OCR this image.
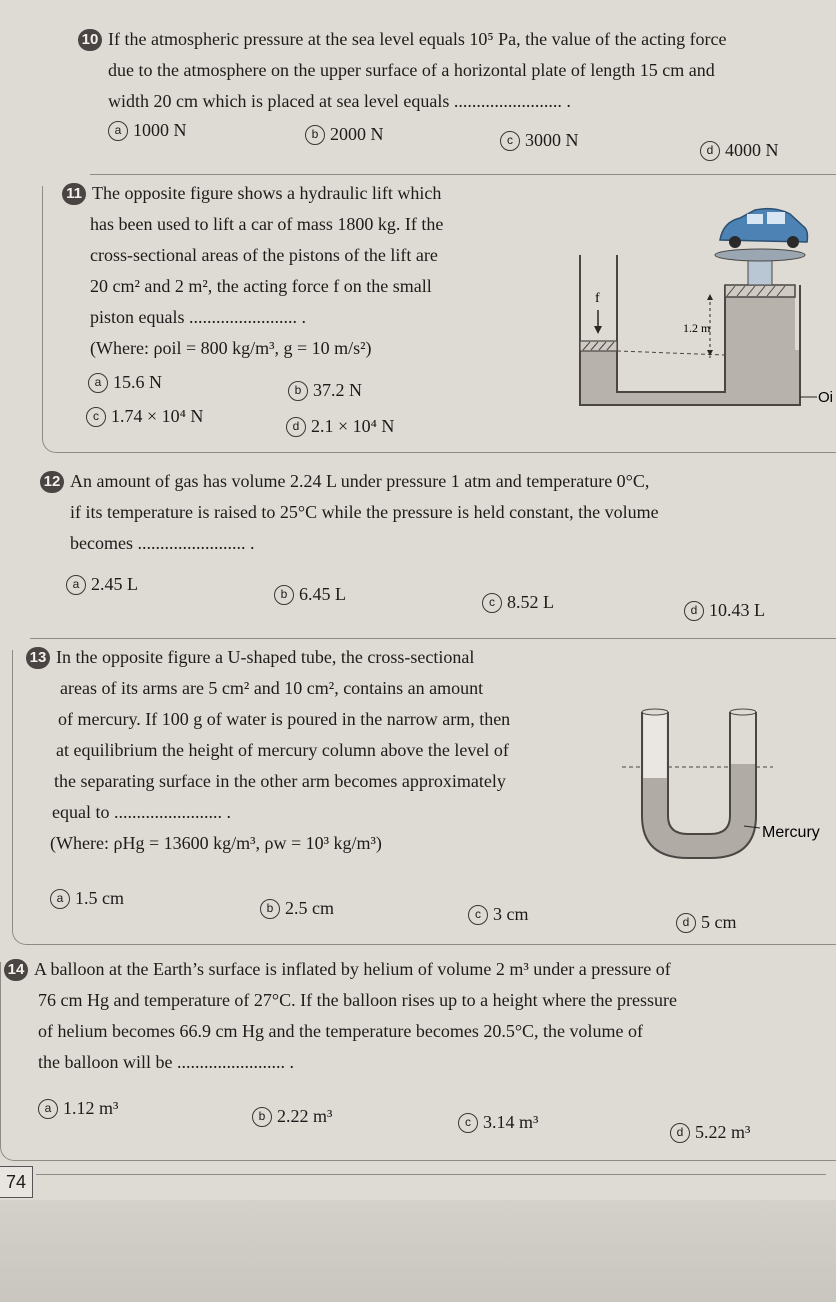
10 If the atmospheric pressure at the sea level equals 10⁵ Pa, the value of the acting force
due to the atmosphere on the upper surface of a horizontal plate of length 15 cm and
width 20 cm which is placed at sea level equals ........................ .
a 1000 N	b 2000 N	c 3000 N	d 4000 N
11 The opposite figure shows a hydraulic lift which
has been used to lift a car of mass 1800 kg. If the
cross-sectional areas of the pistons of the lift are
20 cm² and 2 m², the acting force f on the small
piston equals ........................ .
(Where: ρoil = 800 kg/m³, g = 10 m/s²)
a 15.6 N	b 37.2 N
c 1.74 × 10⁴ N	d 2.1 × 10⁴ N
f
1.2 m
Oi
12 An amount of gas has volume 2.24 L under pressure 1 atm and temperature 0°C,
if its temperature is raised to 25°C while the pressure is held constant, the volume
becomes ........................ .
a 2.45 L	b 6.45 L	c 8.52 L	d 10.43 L
13 In the opposite figure a U-shaped tube, the cross-sectional
areas of its arms are 5 cm² and 10 cm², contains an amount
of mercury. If 100 g of water is poured in the narrow arm, then
at equilibrium the height of mercury column above the level of
the separating surface in the other arm becomes approximately
equal to ........................ .
(Where: ρHg = 13600 kg/m³, ρw = 10³ kg/m³)
Mercury
a 1.5 cm	b 2.5 cm	c 3 cm	d 5 cm
14 A balloon at the Earth’s surface is inflated by helium of volume 2 m³ under a pressure of
76 cm Hg and temperature of 27°C. If the balloon rises up to a height where the pressure
of helium becomes 66.9 cm Hg and the temperature becomes 20.5°C, the volume of
the balloon will be ........................ .
a 1.12 m³	b 2.22 m³	c 3.14 m³	d 5.22 m³
74
